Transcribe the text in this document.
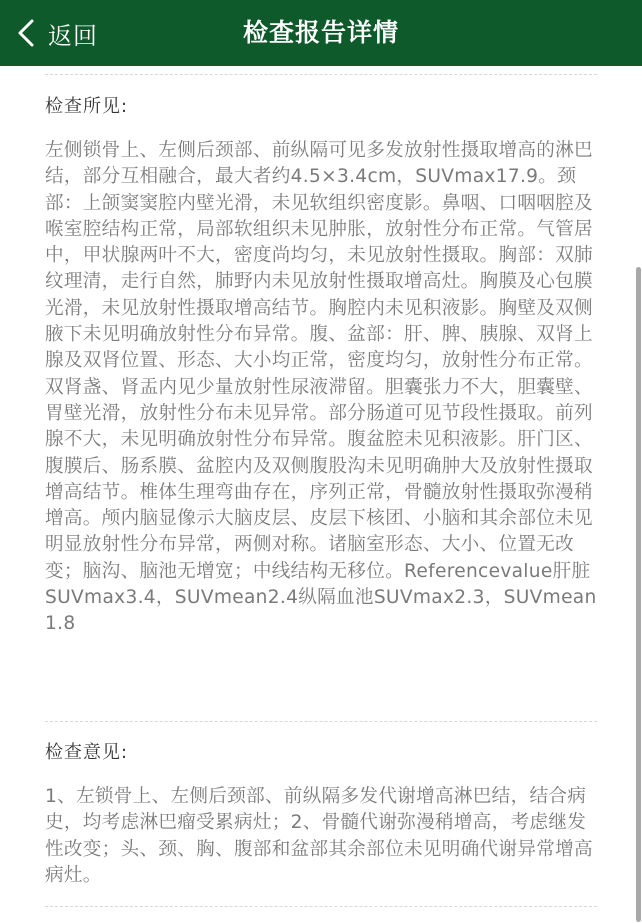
返回	检查报告详情
检查所见:
左侧锁骨上、左侧后颈部、前纵隔可见多发放射性摄取增高的淋巴结，部分互相融合，最大者约4.5×3.4cm，SUVmax17.9。颈部：上颌窦窦腔内壁光滑，未见软组织密度影。鼻咽、口咽咽腔及喉室腔结构正常，局部软组织未见肿胀，放射性分布正常。气管居中，甲状腺两叶不大，密度尚均匀，未见放射性摄取。胸部：双肺纹理清，走行自然，肺野内未见放射性摄取增高灶。胸膜及心包膜光滑，未见放射性摄取增高结节。胸腔内未见积液影。胸壁及双侧腋下未见明确放射性分布异常。腹、盆部：肝、脾、胰腺、双肾上腺及双肾位置、形态、大小均正常，密度均匀，放射性分布正常。双肾盏、肾盂内见少量放射性尿液滞留。胆囊张力不大，胆囊壁、胃壁光滑，放射性分布未见异常。部分肠道可见节段性摄取。前列腺不大，未见明确放射性分布异常。腹盆腔未见积液影。肝门区、腹膜后、肠系膜、盆腔内及双侧腹股沟未见明确肿大及放射性摄取增高结节。椎体生理弯曲存在，序列正常，骨髓放射性摄取弥漫稍增高。颅内脑显像示大脑皮层、皮层下核团、小脑和其余部位未见明显放射性分布异常，两侧对称。诸脑室形态、大小、位置无改变；脑沟、脑池无增宽；中线结构无移位。Referencevalue肝脏SUVmax3.4，SUVmean2.4纵隔血池SUVmax2.3，SUVmean1.8
检查意见:
1、左锁骨上、左侧后颈部、前纵隔多发代谢增高淋巴结，结合病史，均考虑淋巴瘤受累病灶；2、骨髓代谢弥漫稍增高，考虑继发性改变；头、颈、胸、腹部和盆部其余部位未见明确代谢异常增高病灶。
